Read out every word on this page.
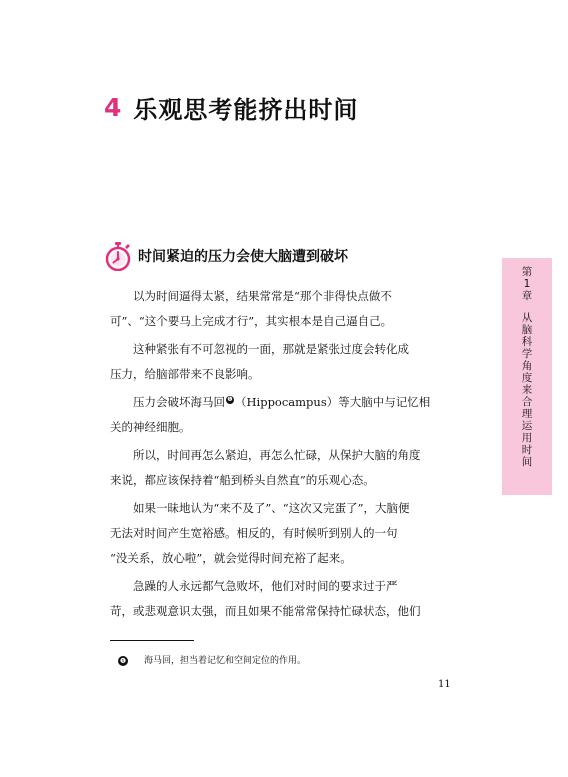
4 乐观思考能挤出时间
时间紧迫的压力会使大脑遭到破坏

以为时间逼得太紧，结果常常是“那个非得快点做不
可”、“这个要马上完成才行”，其实根本是自己逼自己。

这种紧张有不可忽视的一面，那就是紧张过度会转化成
压力，给脑部带来不良影响。

压力会破坏海马回 ❶ （Hippocampus）等大脑中与记忆相
关的神经细胞。

所以，时间再怎么紧迫，再怎么忙碌，从保护大脑的角度
来说，都应该保持着“船到桥头自然直”的乐观心态。

如果一昧地认为“来不及了”、“这次又完蛋了”，大脑便
无法对时间产生宽裕感。相反的，有时候听到别人的一句
“没关系，放心啦”，就会觉得时间充裕了起来。

急躁的人永远都气急败坏，他们对时间的要求过于严
苛，或悲观意识太强，而且如果不能常常保持忙碌状态，他们

❶ 海马回，担当着记忆和空间定位的作用。
11
第
1
章
从
脑
科
学
角
度
来
合
理
运
用
时
间
